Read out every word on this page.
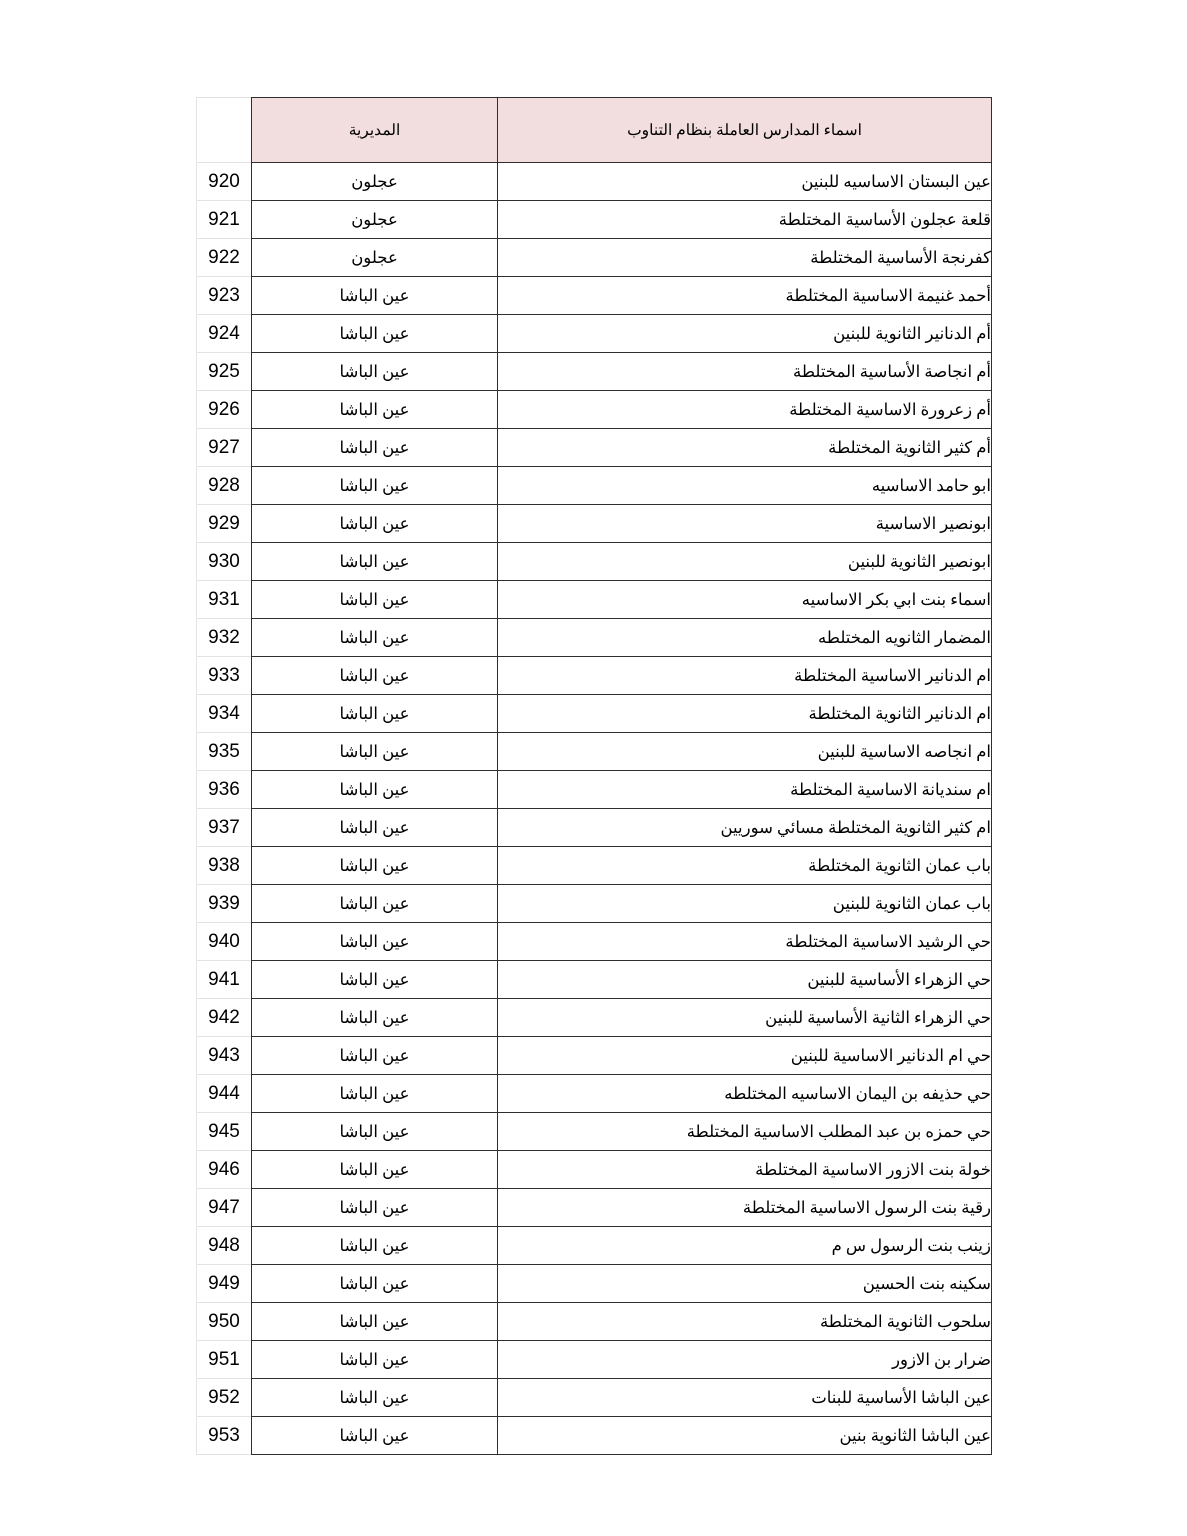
اسماء المدارس العاملة بنظام التناوب	المديرية	
عين البستان الاساسيه للبنين	عجلون	920
قلعة عجلون الأساسية المختلطة	عجلون	921
كفرنجة الأساسية المختلطة	عجلون	922
أحمد غنيمة الاساسية المختلطة	عين الباشا	923
أم الدنانير الثانوية للبنين	عين الباشا	924
أم انجاصة الأساسية المختلطة	عين الباشا	925
أم زعرورة الاساسية المختلطة	عين الباشا	926
أم كثير الثانوية المختلطة	عين الباشا	927
ابو حامد الاساسيه	عين الباشا	928
ابونصير الاساسية	عين الباشا	929
ابونصير الثانوية للبنين	عين الباشا	930
اسماء بنت ابي بكر الاساسيه	عين الباشا	931
المضمار الثانويه المختلطه	عين الباشا	932
ام الدنانير الاساسية المختلطة	عين الباشا	933
ام الدنانير الثانوية المختلطة	عين الباشا	934
ام انجاصه الاساسية للبنين	عين الباشا	935
ام سنديانة الاساسية المختلطة	عين الباشا	936
ام كثير الثانوية المختلطة مسائي سوريين	عين الباشا	937
باب عمان الثانوية المختلطة	عين الباشا	938
باب عمان الثانوية للبنين	عين الباشا	939
حي الرشيد الاساسية المختلطة	عين الباشا	940
حي الزهراء الأساسية للبنين	عين الباشا	941
حي الزهراء الثانية الأساسية للبنين	عين الباشا	942
حي ام الدنانير الاساسية للبنين	عين الباشا	943
حي حذيفه بن اليمان الاساسيه المختلطه	عين الباشا	944
حي حمزه بن عبد المطلب الاساسية المختلطة	عين الباشا	945
خولة بنت الازور الاساسية المختلطة	عين الباشا	946
رقية بنت الرسول الاساسية المختلطة	عين الباشا	947
زينب بنت الرسول س م	عين الباشا	948
سكينه بنت الحسين	عين الباشا	949
سلحوب الثانوية المختلطة	عين الباشا	950
ضرار بن الازور	عين الباشا	951
عين الباشا الأساسية للبنات	عين الباشا	952
عين الباشا الثانوية بنين	عين الباشا	953
